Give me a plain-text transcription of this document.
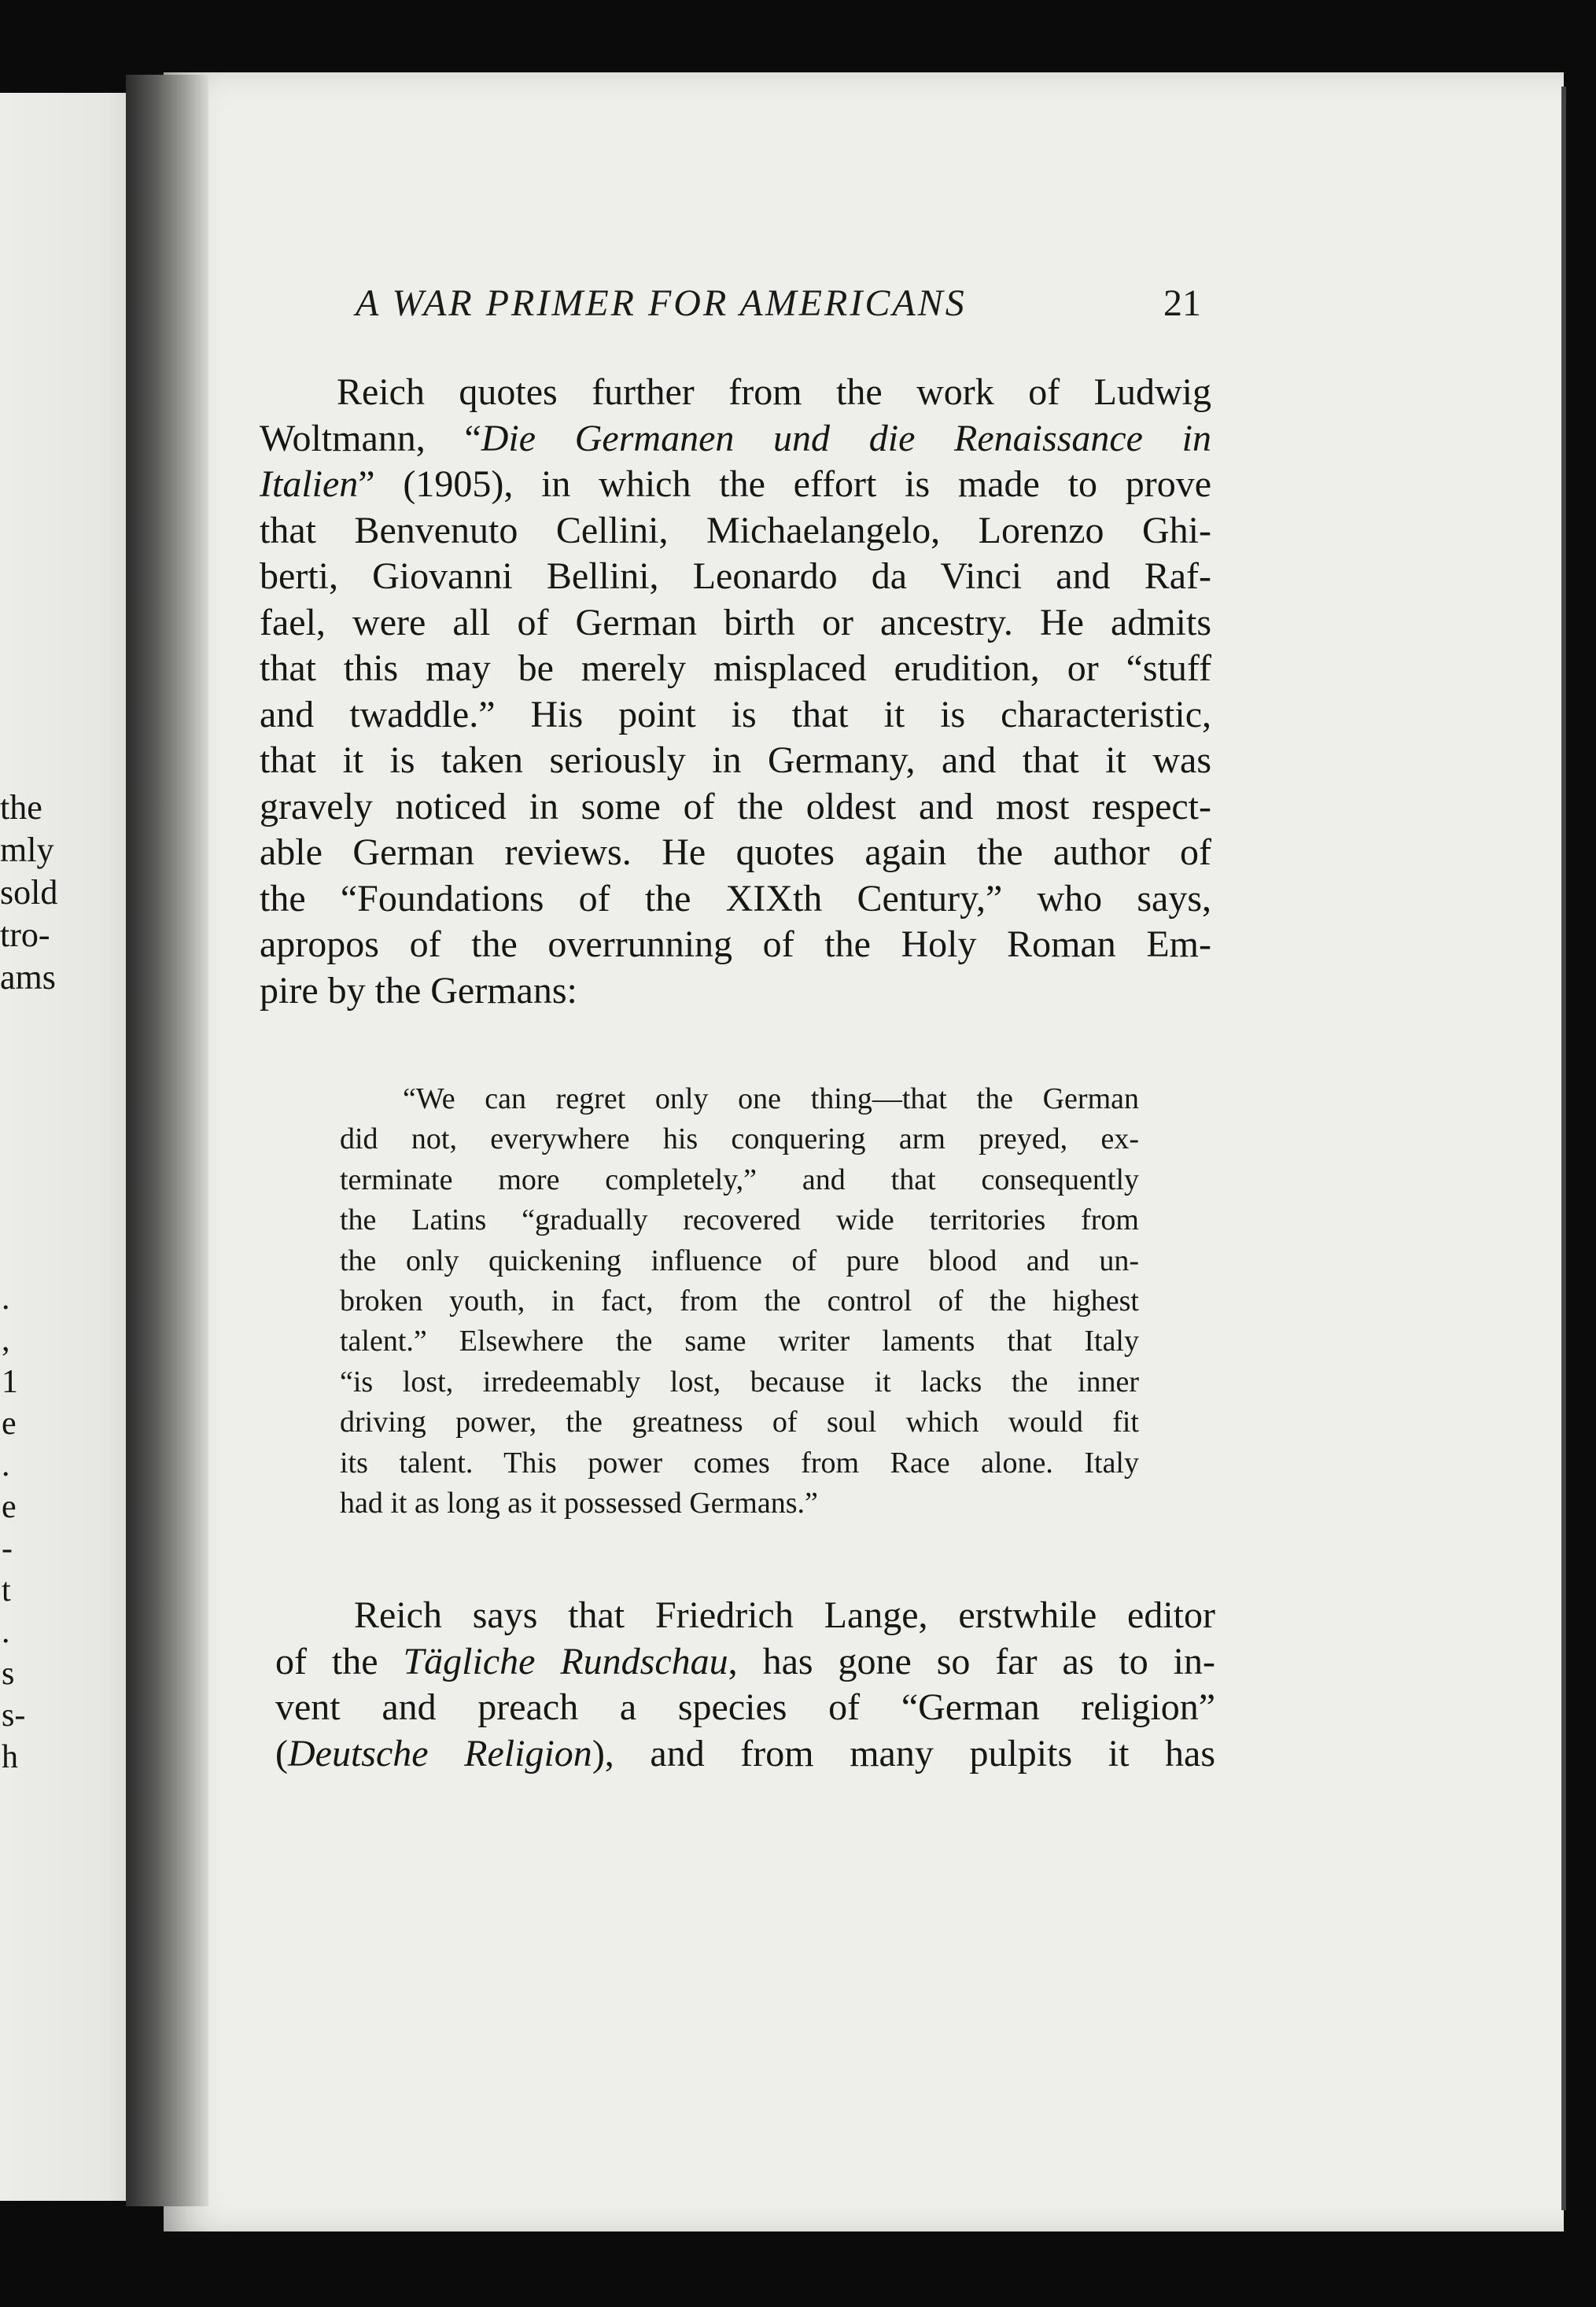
the
mly
sold
tro-
ams
.
,
1
e
.
e
-
t
.
s
s-
h
A WAR PRIMER FOR AMERICANS	21
Reich quotes further from the work of Ludwig
Woltmann, “Die Germanen und die Renaissance in
Italien” (1905), in which the effort is made to prove
that Benvenuto Cellini, Michaelangelo, Lorenzo Ghi-
berti, Giovanni Bellini, Leonardo da Vinci and Raf-
fael, were all of German birth or ancestry. He admits
that this may be merely misplaced erudition, or “stuff
and twaddle.” His point is that it is characteristic,
that it is taken seriously in Germany, and that it was
gravely noticed in some of the oldest and most respect-
able German reviews. He quotes again the author of
the “Foundations of the XIXth Century,” who says,
apropos of the overrunning of the Holy Roman Em-
pire by the Germans:
“We can regret only one thing—that the German
did not, everywhere his conquering arm preyed, ex-
terminate more completely,” and that consequently
the Latins “gradually recovered wide territories from
the only quickening influence of pure blood and un-
broken youth, in fact, from the control of the highest
talent.” Elsewhere the same writer laments that Italy
“is lost, irredeemably lost, because it lacks the inner
driving power, the greatness of soul which would fit
its talent. This power comes from Race alone. Italy
had it as long as it possessed Germans.”
Reich says that Friedrich Lange, erstwhile editor
of the Tägliche Rundschau, has gone so far as to in-
vent and preach a species of “German religion”
(Deutsche Religion), and from many pulpits it has
